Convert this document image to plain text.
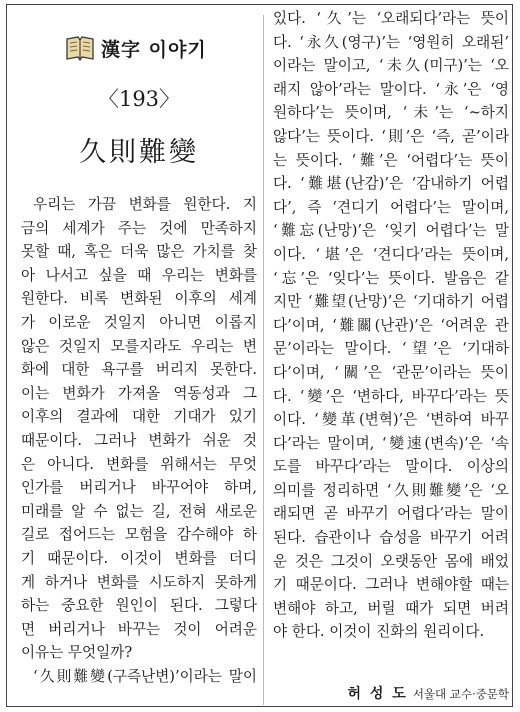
漢字 이야기
〈193〉
久則難變
우리는 가끔 변화를 원한다. 지
금의 세계가 주는 것에 만족하지
못할 때, 혹은 더욱 많은 가치를 찾
아 나서고 싶을 때 우리는 변화를
원한다. 비록 변화된 이후의 세계
가 이로운 것일지 아니면 이롭지
않은 것일지 모를지라도 우리는 변
화에 대한 욕구를 버리지 못한다.
이는 변화가 가져올 역동성과 그
이후의 결과에 대한 기대가 있기
때문이다. 그러나 변화가 쉬운 것
은 아니다. 변화를 위해서는 무엇
인가를 버리거나 바꾸어야 하며,
미래를 알 수 없는 길, 전혀 새로운
길로 접어드는 모험을 감수해야 하
기 때문이다. 이것이 변화를 더디
게 하거나 변화를 시도하지 못하게
하는 중요한 원인이 된다. 그렇다
면 버리거나 바꾸는 것이 어려운
이유는 무엇일까?
‘久則難變(구즉난변)’이라는 말이
있다. ‘久’는 ‘오래되다’라는 뜻이
다. ‘永久(영구)’는 ‘영원히 오래된’
이라는 말이고, ‘未久(미구)’는 ‘오
래지 않아’라는 말이다. ‘永’은 ‘영
원하다’는 뜻이며, ‘未’는 ‘~하지
않다’는 뜻이다. ‘則’은 ‘즉, 곧’이라
는 뜻이다. ‘難’은 ‘어렵다’는 뜻이
다. ‘難堪(난감)’은 ‘감내하기 어렵
다’, 즉 ‘견디기 어렵다’는 말이며,
‘難忘(난망)’은 ‘잊기 어렵다’는 말
이다. ‘堪’은 ‘견디다’라는 뜻이며,
‘忘’은 ‘잊다’는 뜻이다. 발음은 같
지만 ‘難望(난망)’은 ‘기대하기 어렵
다’이며, ‘難關(난관)’은 ‘어려운 관
문’이라는 말이다. ‘望’은 ‘기대하
다’이며, ‘關’은 ‘관문’이라는 뜻이
다. ‘變’은 ‘변하다, 바꾸다’라는 뜻
이다. ‘變革(변혁)’은 ‘변하여 바꾸
다’라는 말이며, ‘變速(변속)’은 ‘속
도를 바꾸다’라는 말이다. 이상의
의미를 정리하면 ‘久則難變’은 ‘오
래되면 곧 바꾸기 어렵다’라는 말이
된다. 습관이나 습성을 바꾸기 어려
운 것은 그것이 오랫동안 몸에 배었
기 때문이다. 그러나 변해야할 때는
변해야 하고, 버릴 때가 되면 버려
야 한다. 이것이 진화의 원리이다.
허 성 도 서울대 교수·중문학
